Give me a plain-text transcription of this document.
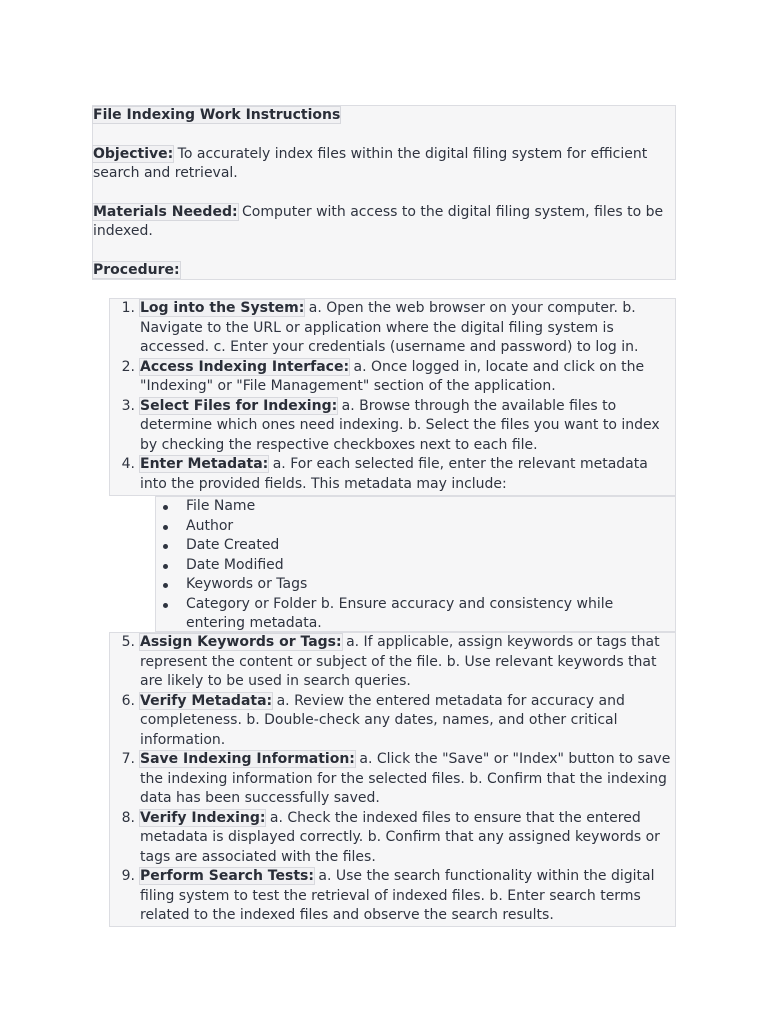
File Indexing Work Instructions

Objective: To accurately index files within the digital filing system for efficient search and retrieval.

Materials Needed: Computer with access to the digital filing system, files to be indexed.

Procedure:

1. Log into the System: a. Open the web browser on your computer. b. Navigate to the URL or application where the digital filing system is accessed. c. Enter your credentials (username and password) to log in.
2. Access Indexing Interface: a. Once logged in, locate and click on the "Indexing" or "File Management" section of the application.
3. Select Files for Indexing: a. Browse through the available files to determine which ones need indexing. b. Select the files you want to index by checking the respective checkboxes next to each file.
4. Enter Metadata: a. For each selected file, enter the relevant metadata into the provided fields. This metadata may include:
File Name
Author
Date Created
Date Modified
Keywords or Tags
Category or Folder b. Ensure accuracy and consistency while entering metadata.
5. Assign Keywords or Tags: a. If applicable, assign keywords or tags that represent the content or subject of the file. b. Use relevant keywords that are likely to be used in search queries.
6. Verify Metadata: a. Review the entered metadata for accuracy and completeness. b. Double-check any dates, names, and other critical information.
7. Save Indexing Information: a. Click the "Save" or "Index" button to save the indexing information for the selected files. b. Confirm that the indexing data has been successfully saved.
8. Verify Indexing: a. Check the indexed files to ensure that the entered metadata is displayed correctly. b. Confirm that any assigned keywords or tags are associated with the files.
9. Perform Search Tests: a. Use the search functionality within the digital filing system to test the retrieval of indexed files. b. Enter search terms related to the indexed files and observe the search results.
